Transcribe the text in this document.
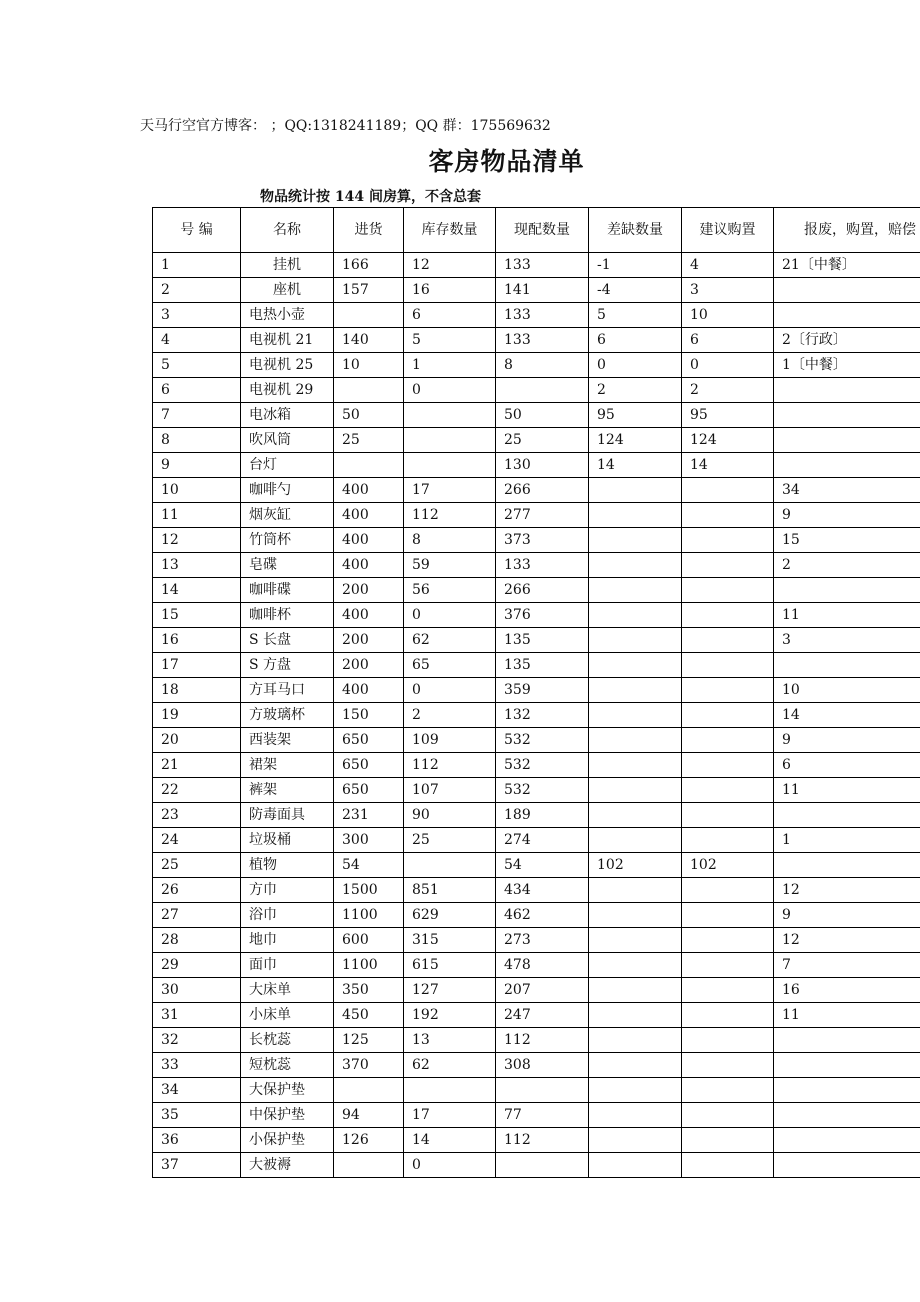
天马行空官方博客： ；QQ:1318241189；QQ 群：175569632
客房物品清单
物品统计按 144 间房算，不含总套
号 编	名称	进货	库存数量	现配数量	差缺数量	建议购置	报废，购置，赔偿
1	挂机	166	12	133	-1	4	21〔中餐〕
2	座机	157	16	141	-4	3	
3	电热小壶		6	133	5	10	
4	电视机 21	140	5	133	6	6	2〔行政〕
5	电视机 25	10	1	8	0	0	1〔中餐〕
6	电视机 29		0		2	2	
7	电冰箱	50		50	95	95	
8	吹风筒	25		25	124	124	
9	台灯			130	14	14	
10	咖啡勺	400	17	266			34
11	烟灰缸	400	112	277			9
12	竹筒杯	400	8	373			15
13	皂碟	400	59	133			2
14	咖啡碟	200	56	266			
15	咖啡杯	400	0	376			11
16	S 长盘	200	62	135			3
17	S 方盘	200	65	135			
18	方耳马口	400	0	359			10
19	方玻璃杯	150	2	132			14
20	西装架	650	109	532			9
21	裙架	650	112	532			6
22	裤架	650	107	532			11
23	防毒面具	231	90	189			
24	垃圾桶	300	25	274			1
25	植物	54		54	102	102	
26	方巾	1500	851	434			12
27	浴巾	1100	629	462			9
28	地巾	600	315	273			12
29	面巾	1100	615	478			7
30	大床单	350	127	207			16
31	小床单	450	192	247			11
32	长枕蕊	125	13	112			
33	短枕蕊	370	62	308			
34	大保护垫						
35	中保护垫	94	17	77			
36	小保护垫	126	14	112			
37	大被褥		0				
